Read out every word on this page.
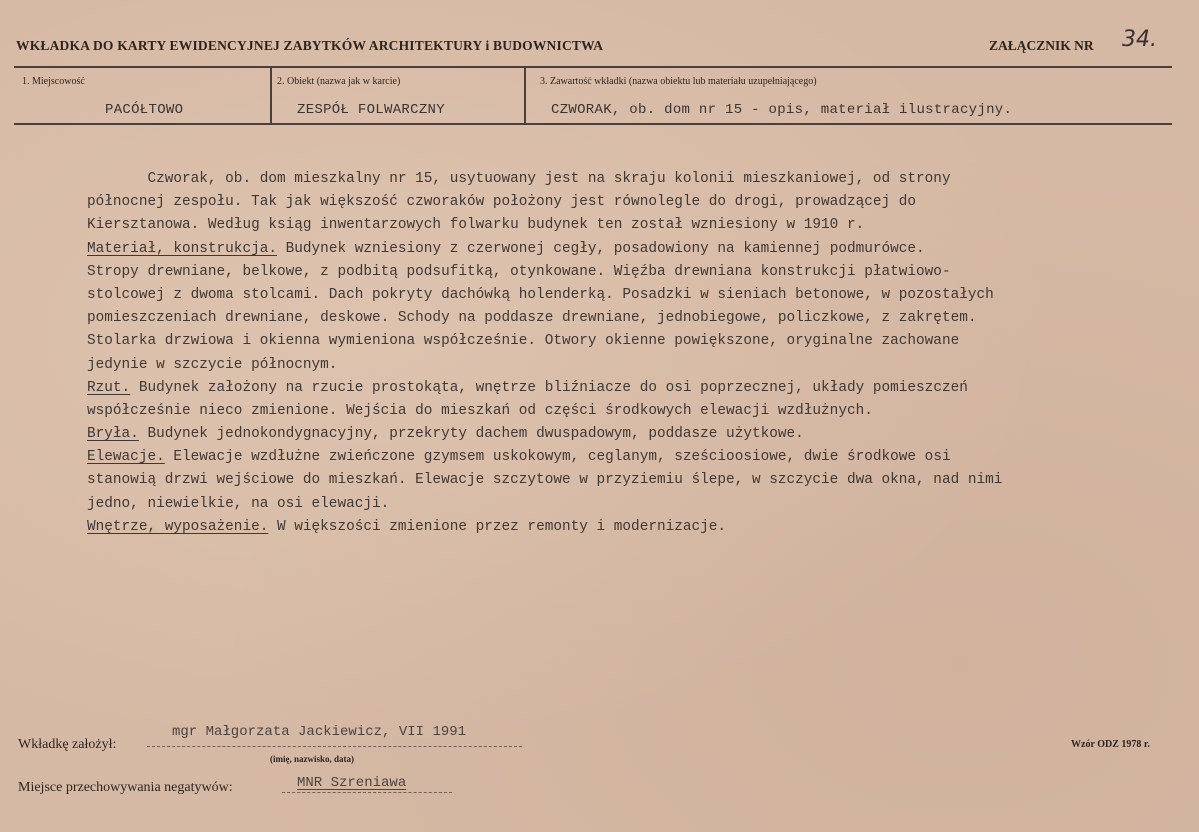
WKŁADKA DO KARTY EWIDENCYJNEJ ZABYTKÓW ARCHITEKTURY i BUDOWNICTWA	ZAŁĄCZNIK NR 34.
1. Miejscowość
PACÓŁTOWO
2. Obiekt (nazwa jak w karcie)
ZESPÓŁ FOLWARCZNY
3. Zawartość wkładki (nazwa obiektu lub materiału uzupełniającego)
CZWORAK, ob. dom nr 15 - opis, materiał ilustracyjny.
Czworak, ob. dom mieszkalny nr 15, usytuowany jest na skraju kolonii mieszkaniowej, od strony
północnej zespołu. Tak jak większość czworaków położony jest równolegle do drogi, prowadzącej do
Kiersztanowa. Według ksiąg inwentarzowych folwarku budynek ten został wzniesiony w 1910 r.
Materiał, konstrukcja. Budynek wzniesiony z czerwonej cegły, posadowiony na kamiennej podmurówce.
Stropy drewniane, belkowe, z podbitą podsufitką, otynkowane. Więźba drewniana konstrukcji płatwiowo-
stolcowej z dwoma stolcami. Dach pokryty dachówką holenderką. Posadzki w sieniach betonowe, w pozostałych
pomieszczeniach drewniane, deskowe. Schody na poddasze drewniane, jednobiegowe, policzkowe, z zakrętem.
Stolarka drzwiowa i okienna wymieniona współcześnie. Otwory okienne powiększone, oryginalne zachowane
jedynie w szczycie północnym.
Rzut. Budynek założony na rzucie prostokąta, wnętrze bliźniacze do osi poprzecznej, układy pomieszczeń
współcześnie nieco zmienione. Wejścia do mieszkań od części środkowych elewacji wzdłużnych.
Bryła. Budynek jednokondygnacyjny, przekryty dachem dwuspadowym, poddasze użytkowe.
Elewacje. Elewacje wzdłużne zwieńczone gzymsem uskokowym, ceglanym, sześcioosiowe, dwie środkowe osi
stanowią drzwi wejściowe do mieszkań. Elewacje szczytowe w przyziemiu ślepe, w szczycie dwa okna, nad nimi
jedno, niewielkie, na osi elewacji.
Wnętrze, wyposażenie. W większości zmienione przez remonty i modernizacje.
Wkładkę założył:
mgr Małgorzata Jackiewicz, VII 1991
(imię, nazwisko, data)
Wzór ODZ 1978 r.
Miejsce przechowywania negatywów:	MNR Szreniawa
